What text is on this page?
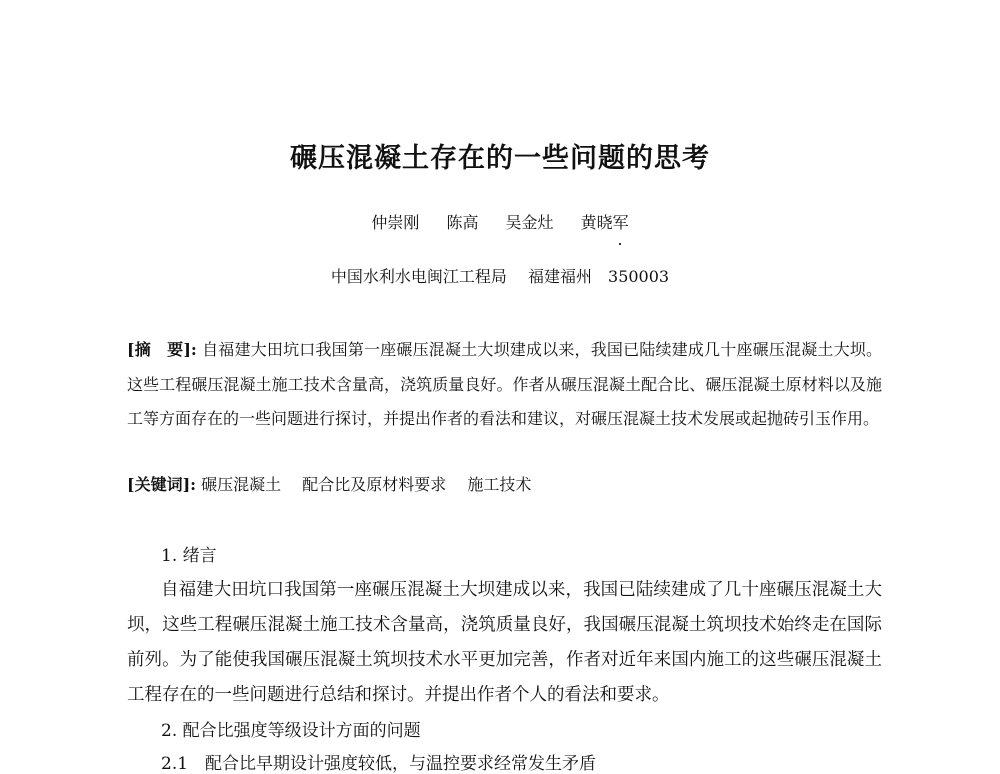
碾压混凝土存在的一些问题的思考
仲崇刚 陈高 吴金灶 黄晓军
中国水利水电闽江工程局 福建福州 350003
[摘　要]: 自福建大田坑口我国第一座碾压混凝土大坝建成以来，我国已陆续建成几十座碾压混凝土大坝。这些工程碾压混凝土施工技术含量高，浇筑质量良好。作者从碾压混凝土配合比、碾压混凝土原材料以及施工等方面存在的一些问题进行探讨，并提出作者的看法和建议，对碾压混凝土技术发展或起抛砖引玉作用。
[关键词]: 碾压混凝土 配合比及原材料要求 施工技术
1. 绪言
自福建大田坑口我国第一座碾压混凝土大坝建成以来，我国已陆续建成了几十座碾压混凝土大坝，这些工程碾压混凝土施工技术含量高，浇筑质量良好，我国碾压混凝土筑坝技术始终走在国际前列。为了能使我国碾压混凝土筑坝技术水平更加完善，作者对近年来国内施工的这些碾压混凝土工程存在的一些问题进行总结和探讨。并提出作者个人的看法和要求。
2. 配合比强度等级设计方面的问题
2.1　配合比早期设计强度较低，与温控要求经常发生矛盾
